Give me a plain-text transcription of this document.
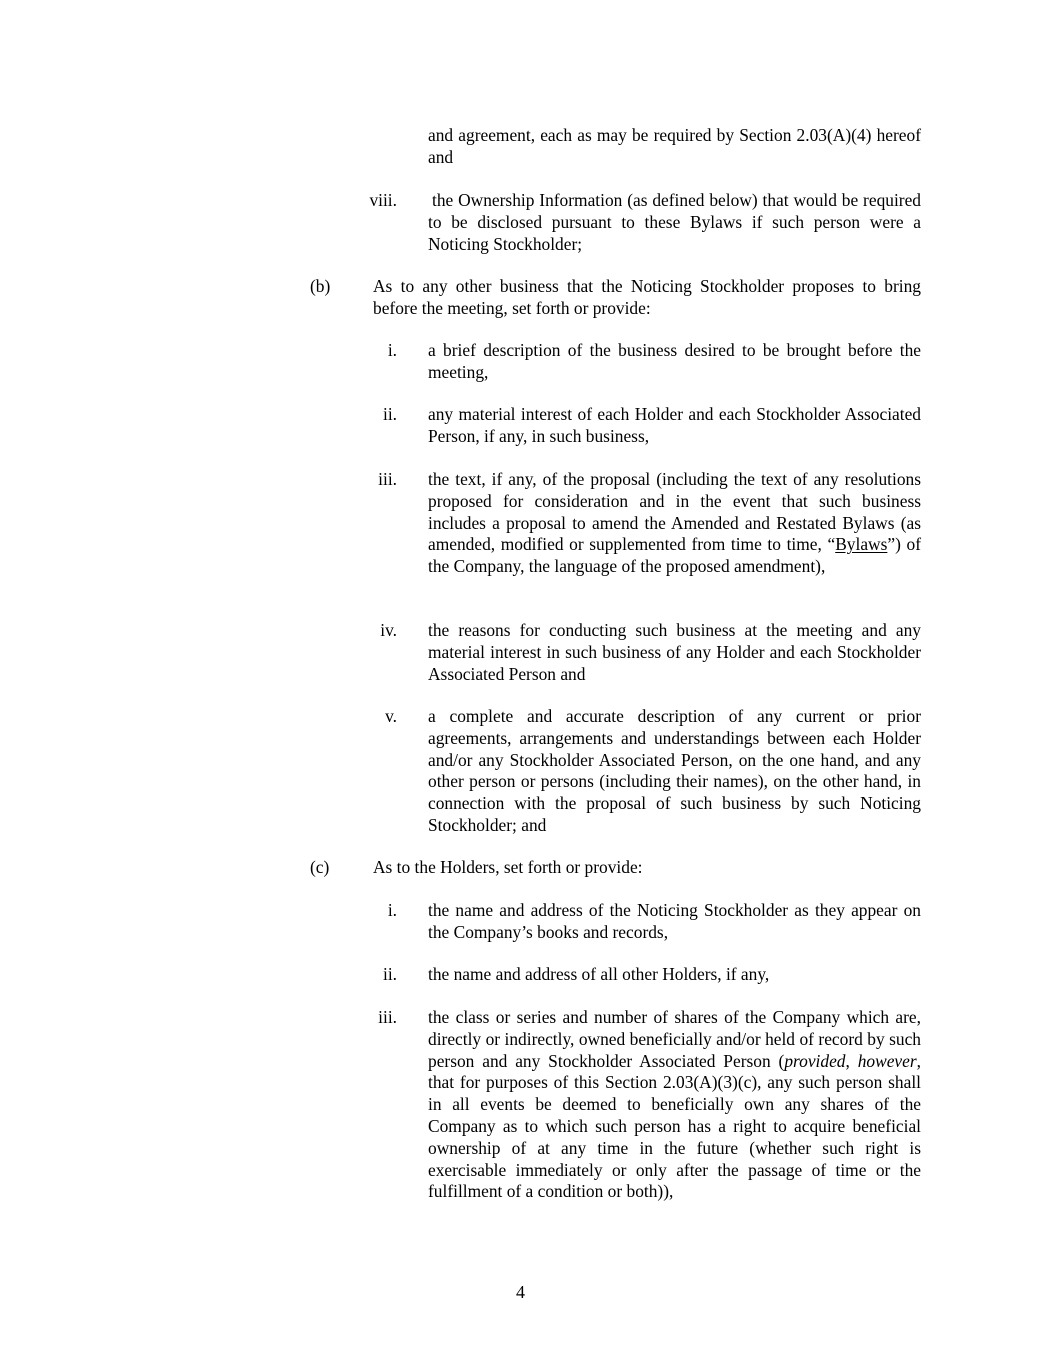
and agreement, each as may be required by Section 2.03(A)(4) hereof and

viii. the Ownership Information (as defined below) that would be required to be disclosed pursuant to these Bylaws if such person were a Noticing Stockholder;

(b) As to any other business that the Noticing Stockholder proposes to bring before the meeting, set forth or provide:

i. a brief description of the business desired to be brought before the meeting,

ii. any material interest of each Holder and each Stockholder Associated Person, if any, in such business,

iii. the text, if any, of the proposal (including the text of any resolutions proposed for consideration and in the event that such business includes a proposal to amend the Amended and Restated Bylaws (as amended, modified or supplemented from time to time, “Bylaws”) of the Company, the language of the proposed amendment),

iv. the reasons for conducting such business at the meeting and any material interest in such business of any Holder and each Stockholder Associated Person and

v. a complete and accurate description of any current or prior agreements, arrangements and understandings between each Holder and/or any Stockholder Associated Person, on the one hand, and any other person or persons (including their names), on the other hand, in connection with the proposal of such business by such Noticing Stockholder; and

(c)	As to the Holders, set forth or provide:

i. the name and address of the Noticing Stockholder as they appear on the Company’s books and records,

ii. the name and address of all other Holders, if any,

iii. the class or series and number of shares of the Company which are, directly or indirectly, owned beneficially and/or held of record by such person and any Stockholder Associated Person (provided, however, that for purposes of this Section 2.03(A)(3)(c), any such person shall in all events be deemed to beneficially own any shares of the Company as to which such person has a right to acquire beneficial ownership of at any time in the future (whether such right is exercisable immediately or only after the passage of time or the fulfillment of a condition or both)),

4
